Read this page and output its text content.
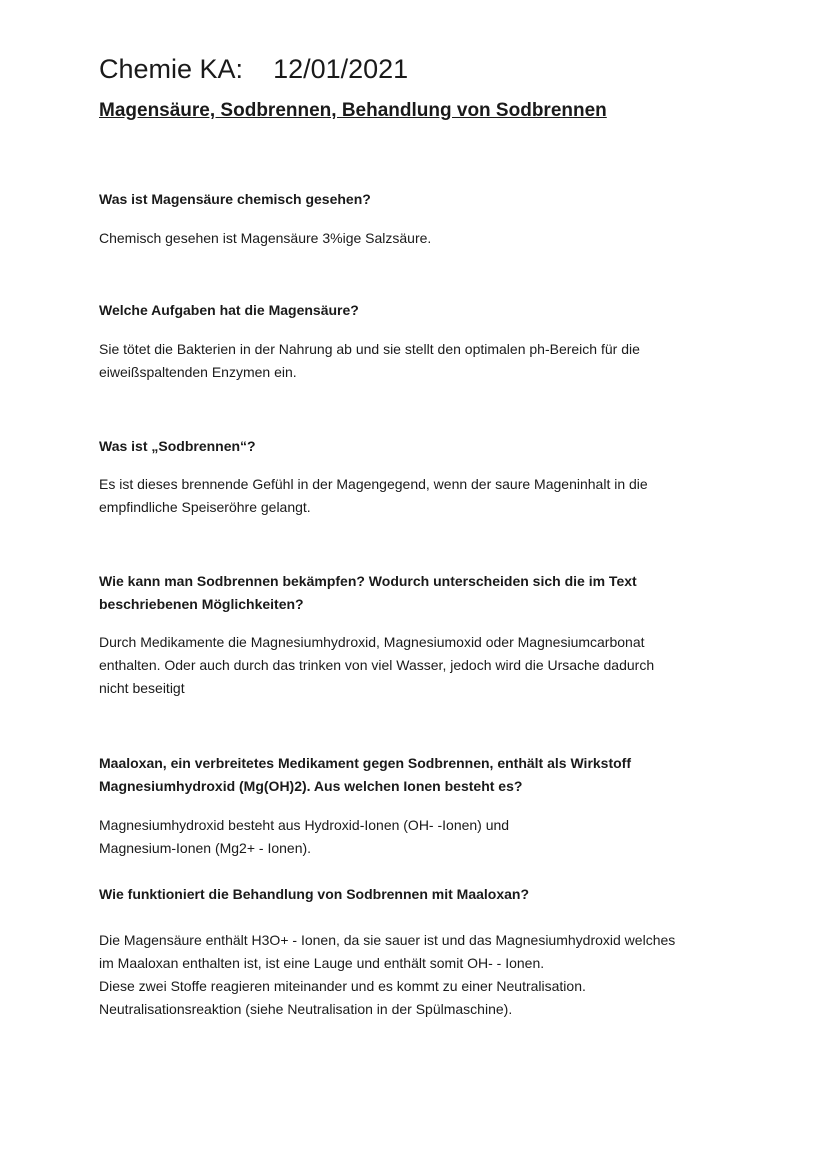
Chemie KA: 12/01/2021
Magensäure, Sodbrennen, Behandlung von Sodbrennen

Was ist Magensäure chemisch gesehen?

Chemisch gesehen ist Magensäure 3%ige Salzsäure.

Welche Aufgaben hat die Magensäure?

Sie tötet die Bakterien in der Nahrung ab und sie stellt den optimalen ph-Bereich für die
eiweißspaltenden Enzymen ein.

Was ist „Sodbrennen“?

Es ist dieses brennende Gefühl in der Magengegend, wenn der saure Mageninhalt in die
empfindliche Speiseröhre gelangt.

Wie kann man Sodbrennen bekämpfen? Wodurch unterscheiden sich die im Text
beschriebenen Möglichkeiten?

Durch Medikamente die Magnesiumhydroxid, Magnesiumoxid oder Magnesiumcarbonat
enthalten. Oder auch durch das trinken von viel Wasser, jedoch wird die Ursache dadurch
nicht beseitigt

Maaloxan, ein verbreitetes Medikament gegen Sodbrennen, enthält als Wirkstoff
Magnesiumhydroxid (Mg(OH)2). Aus welchen Ionen besteht es?

Magnesiumhydroxid besteht aus Hydroxid-Ionen (OH- -Ionen) und
Magnesium-Ionen (Mg2+ - Ionen).

Wie funktioniert die Behandlung von Sodbrennen mit Maaloxan?

Die Magensäure enthält H3O+ - Ionen, da sie sauer ist und das Magnesiumhydroxid welches
im Maaloxan enthalten ist, ist eine Lauge und enthält somit OH- - Ionen.
Diese zwei Stoffe reagieren miteinander und es kommt zu einer Neutralisation.
Neutralisationsreaktion (siehe Neutralisation in der Spülmaschine).
